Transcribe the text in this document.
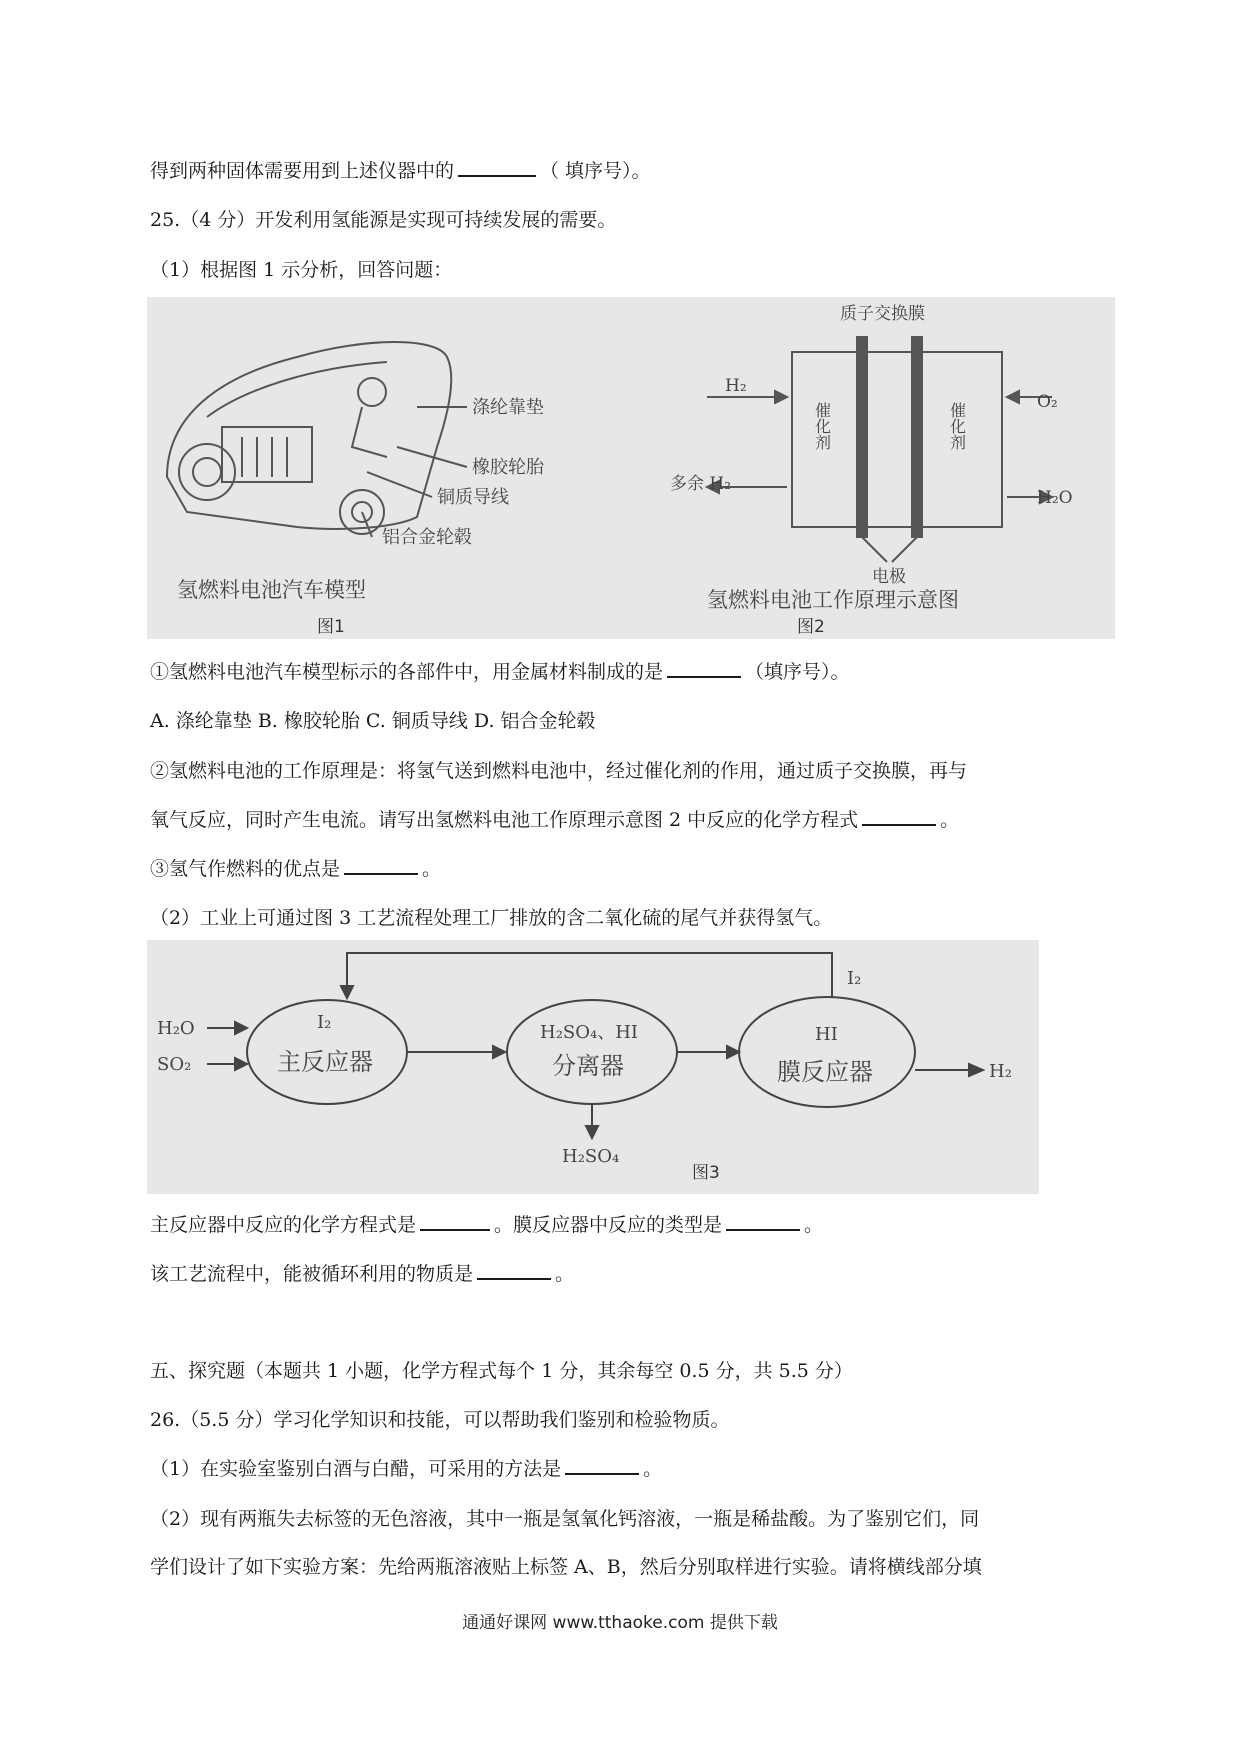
得到两种固体需要用到上述仪器中的	（ 填序号）。
25.（4 分）开发利用氢能源是实现可持续发展的需要。
（1）根据图 1 示分析，回答问题：
涤纶靠垫
橡胶轮胎
铜质导线
铝合金轮毂
氢燃料电池汽车模型
图1
质子交换膜
H₂
多余 H₂
O₂
H₂O
催化剂	催化剂
电极
氢燃料电池工作原理示意图
图2
①氢燃料电池汽车模型标示的各部件中，用金属材料制成的是	（填序号）。
A. 涤纶靠垫 B. 橡胶轮胎 C. 铜质导线 D. 铝合金轮毂
②氢燃料电池的工作原理是：将氢气送到燃料电池中，经过催化剂的作用，通过质子交换膜，再与
氧气反应，同时产生电流。请写出氢燃料电池工作原理示意图 2 中反应的化学方程式	。
③氢气作燃料的优点是	。
（2）工业上可通过图 3 工艺流程处理工厂排放的含二氧化硫的尾气并获得氢气。
H₂O
SO₂
I₂
主反应器
H₂SO₄、HI
分离器
HI
膜反应器	H₂
H₂SO₄
I₂
图3
主反应器中反应的化学方程式是	。膜反应器中反应的类型是	。
该工艺流程中，能被循环利用的物质是	。
五、探究题（本题共 1 小题，化学方程式每个 1 分，其余每空 0.5 分，共 5.5 分）
26.（5.5 分）学习化学知识和技能，可以帮助我们鉴别和检验物质。
（1）在实验室鉴别白酒与白醋，可采用的方法是	。
（2）现有两瓶失去标签的无色溶液，其中一瓶是氢氧化钙溶液，一瓶是稀盐酸。为了鉴别它们，同
学们设计了如下实验方案：先给两瓶溶液贴上标签 A、B，然后分别取样进行实验。请将横线部分填
通通好课网 www.tthaoke.com 提供下载
